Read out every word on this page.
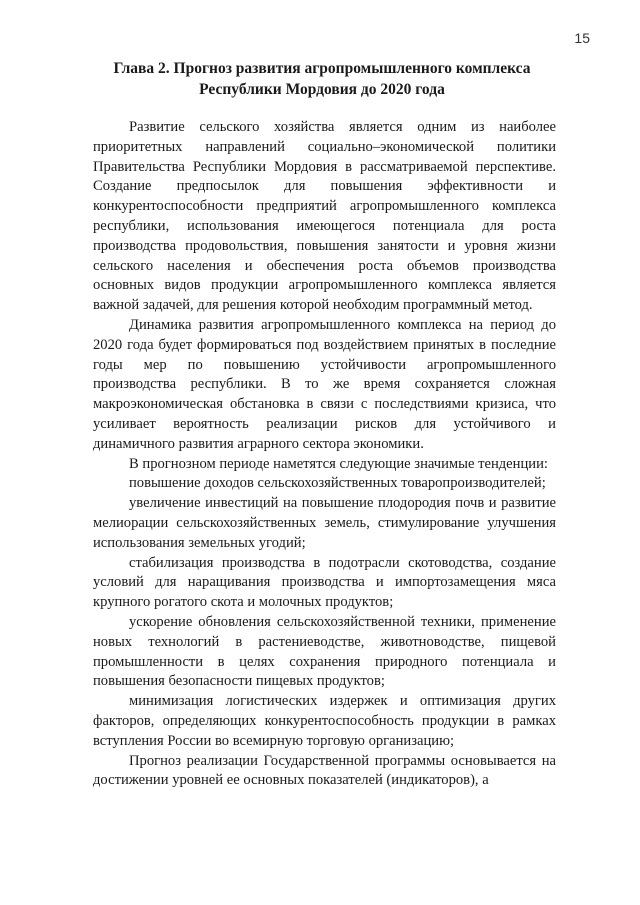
15
Глава 2. Прогноз развития агропромышленного комплекса
Республики Мордовия до 2020 года

Развитие сельского хозяйства является одним из наиболее приоритетных направлений социально–экономической политики Правительства Республики Мордовия в рассматриваемой перспективе. Создание предпосылок для повышения эффективности и конкурентоспособности предприятий агропромышленного комплекса республики, использования имеющегося потенциала для роста производства продовольствия, повышения занятости и уровня жизни сельского населения и обеспечения роста объемов производства основных видов продукции агропромышленного комплекса является важной задачей, для решения которой необходим программный метод.

Динамика развития агропромышленного комплекса на период до 2020 года будет формироваться под воздействием принятых в последние годы мер по повышению устойчивости агропромышленного производства республики. В то же время сохраняется сложная макроэкономическая обстановка в связи с последствиями кризиса, что усиливает вероятность реализации рисков для устойчивого и динамичного развития аграрного сектора экономики.

В прогнозном периоде наметятся следующие значимые тенденции:

повышение доходов сельскохозяйственных товаропроизводителей;

увеличение инвестиций на повышение плодородия почв и развитие мелиорации сельскохозяйственных земель, стимулирование улучшения использования земельных угодий;

стабилизация производства в подотрасли скотоводства, создание условий для наращивания производства и импортозамещения мяса крупного рогатого скота и молочных продуктов;

ускорение обновления сельскохозяйственной техники, применение новых технологий в растениеводстве, животноводстве, пищевой промышленности в целях сохранения природного потенциала и повышения безопасности пищевых продуктов;

минимизация логистических издержек и оптимизация других факторов, определяющих конкурентоспособность продукции в рамках вступления России во всемирную торговую организацию;

Прогноз реализации Государственной программы основывается на достижении уровней ее основных показателей (индикаторов), а
